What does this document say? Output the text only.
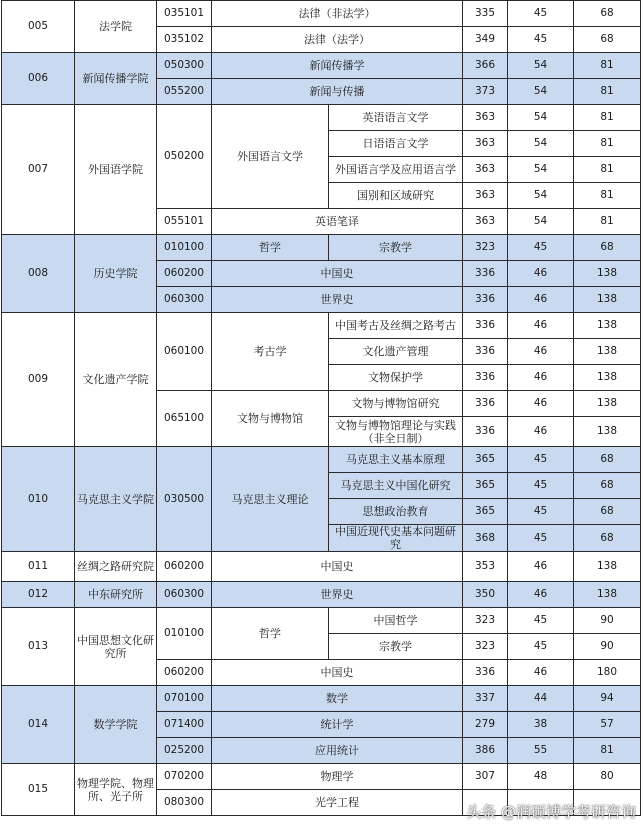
005	法学院	035101	法律（非法学）		335	45	68
		035102	法律（法学）		349	45	68
006	新闻传播学院	050300	新闻传播学		366	54	81
		055200	新闻与传播		373	54	81
007	外国语学院	050200	外国语言文学	英语语言文学	363	54	81
				日语语言文学	363	54	81
				外国语言学及应用语言学	363	54	81
				国别和区域研究	363	54	81
		055101	英语笔译		363	54	81
008	历史学院	010100	哲学	宗教学	323	45	68
		060200	中国史		336	46	138
		060300	世界史		336	46	138
009	文化遗产学院	060100	考古学	中国考古及丝绸之路考古	336	46	138
				文化遗产管理	336	46	138
				文物保护学	336	46	138
		065100	文物与博物馆	文物与博物馆研究	336	46	138
				文物与博物馆理论与实践（非全日制）	336	46	138
010	马克思主义学院	030500	马克思主义理论	马克思主义基本原理	365	45	68
				马克思主义中国化研究	365	45	68
				思想政治教育	365	45	68
				中国近现代史基本问题研究	368	45	68
011	丝绸之路研究院	060200	中国史		353	46	138
012	中东研究所	060300	世界史		350	46	138
013	中国思想文化研究所	010100	哲学	中国哲学	323	45	90
				宗教学	323	45	90
		060200	中国史		336	46	180
014	数学学院	070100	数学		337	44	94
		071400	统计学		279	38	57
		025200	应用统计		386	55	81
015	物理学院、物理所、光子所	070200	物理学		307	48	80
		080300	光学工程				
头条 @润硕博学考研咨询
